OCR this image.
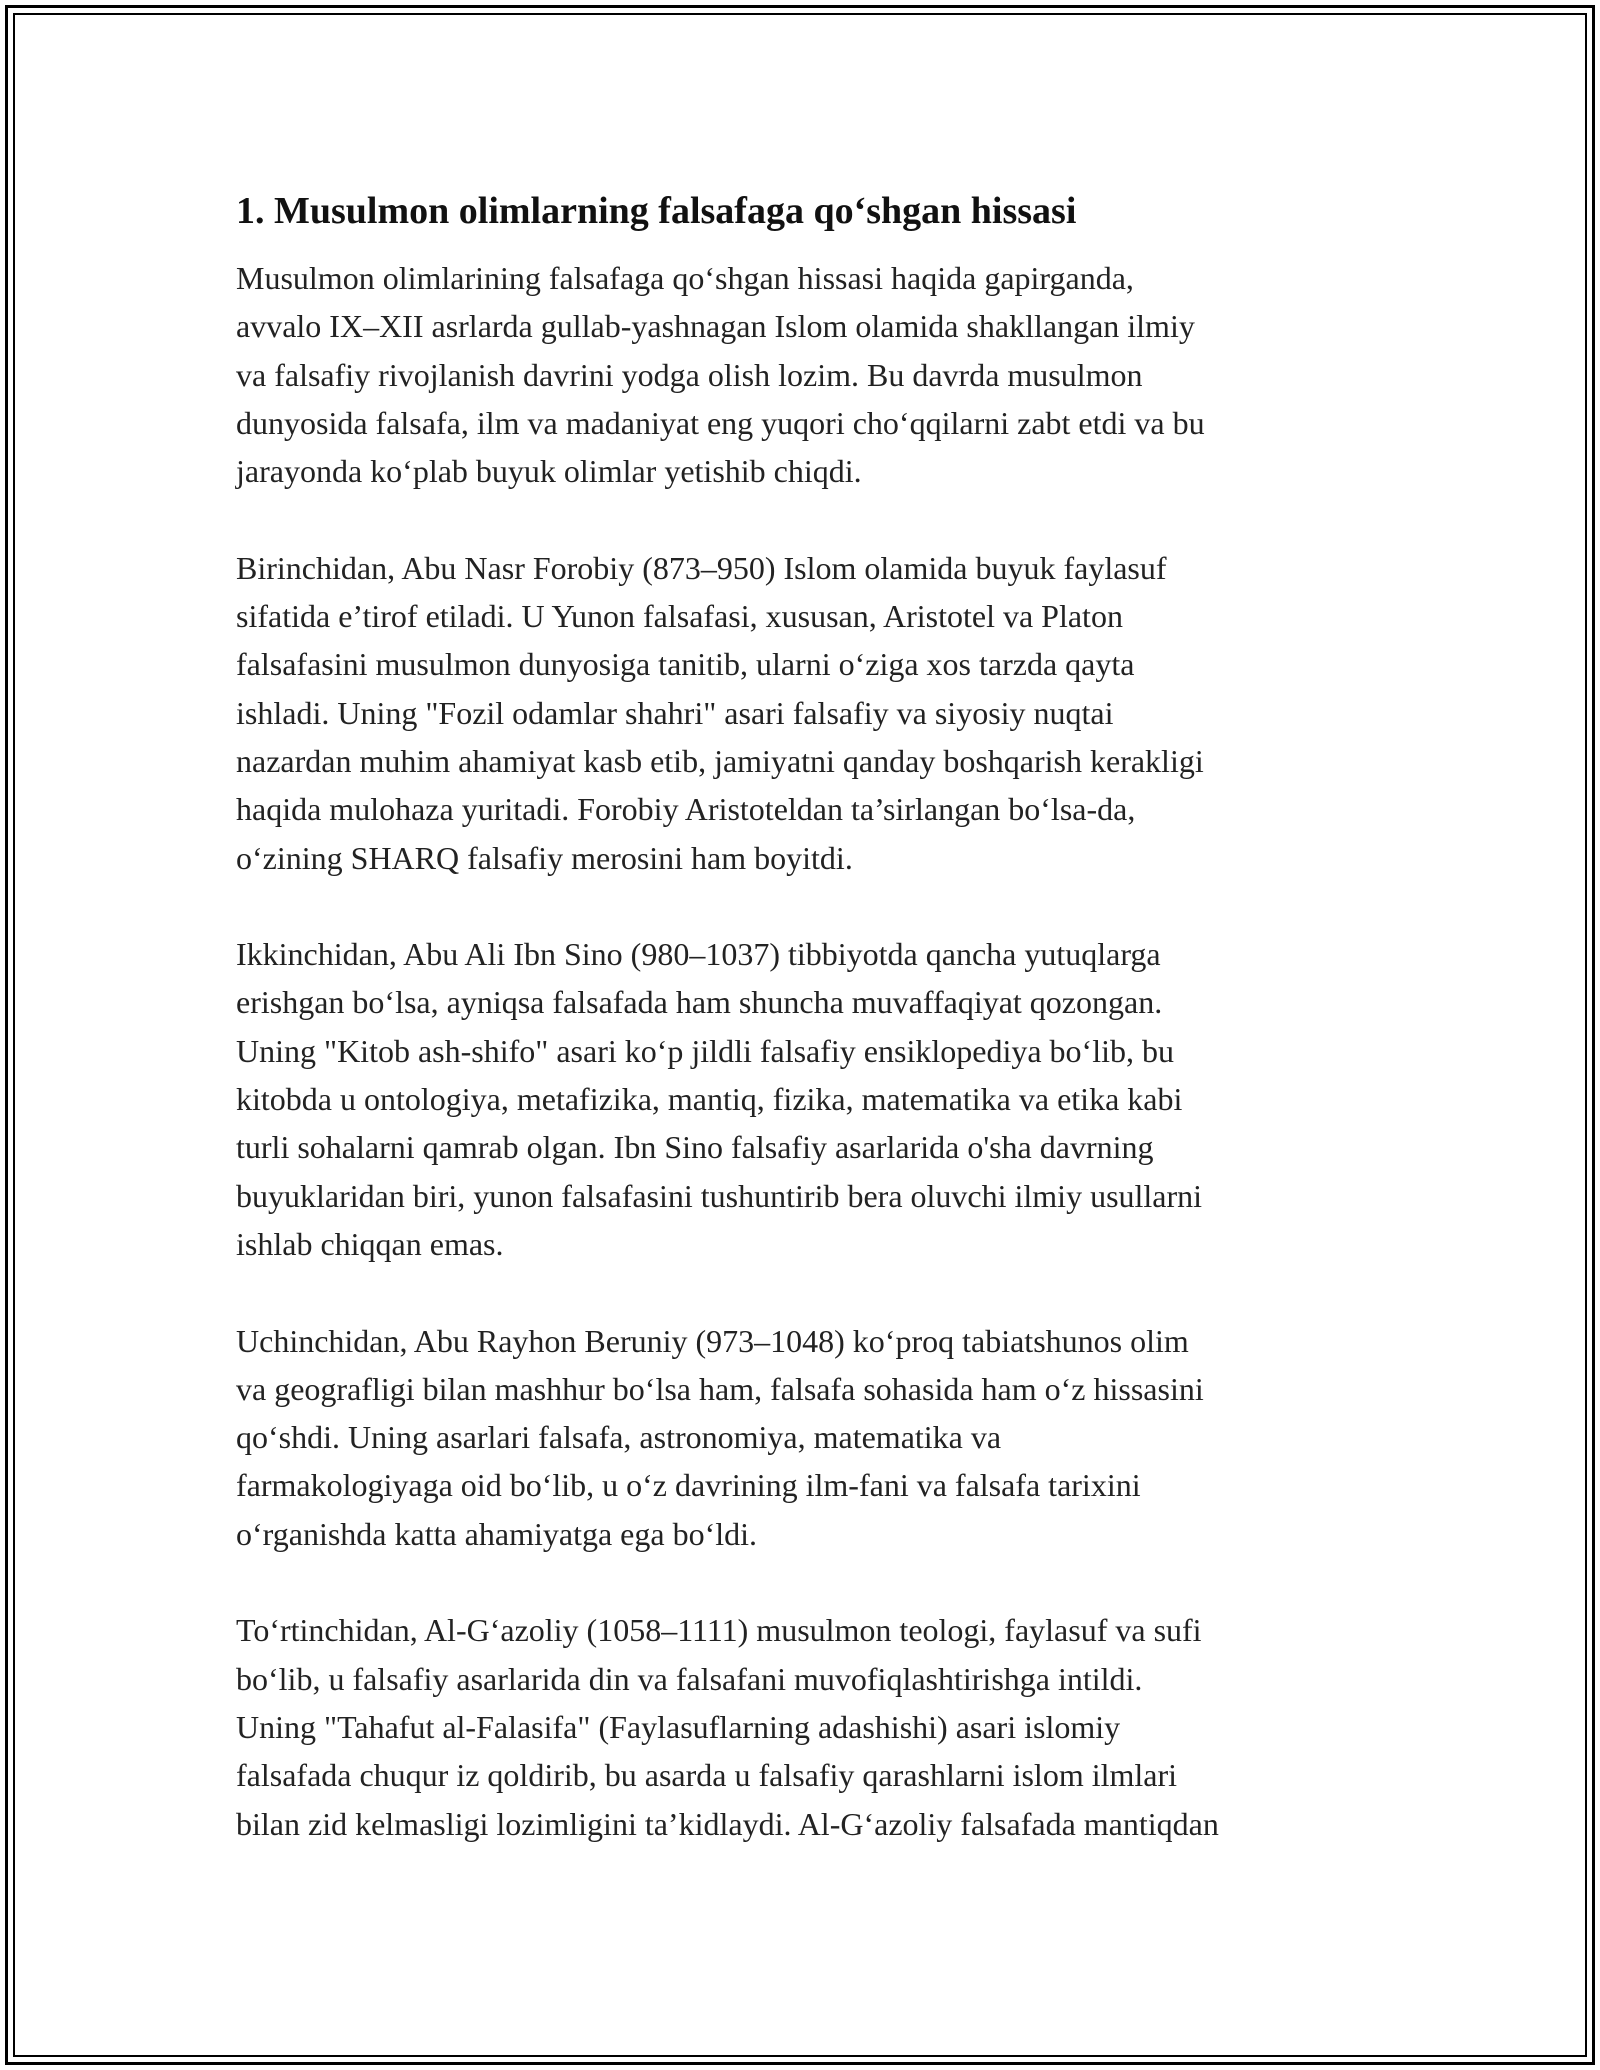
1. Musulmon olimlarning falsafaga qo‘shgan hissasi

Musulmon olimlarining falsafaga qo‘shgan hissasi haqida gapirganda,
avvalo IX–XII asrlarda gullab-yashnagan Islom olamida shakllangan ilmiy
va falsafiy rivojlanish davrini yodga olish lozim. Bu davrda musulmon
dunyosida falsafa, ilm va madaniyat eng yuqori cho‘qqilarni zabt etdi va bu
jarayonda ko‘plab buyuk olimlar yetishib chiqdi.

Birinchidan, Abu Nasr Forobiy (873–950) Islom olamida buyuk faylasuf
sifatida e’tirof etiladi. U Yunon falsafasi, xususan, Aristotel va Platon
falsafasini musulmon dunyosiga tanitib, ularni o‘ziga xos tarzda qayta
ishladi. Uning "Fozil odamlar shahri" asari falsafiy va siyosiy nuqtai
nazardan muhim ahamiyat kasb etib, jamiyatni qanday boshqarish kerakligi
haqida mulohaza yuritadi. Forobiy Aristoteldan ta’sirlangan bo‘lsa-da,
o‘zining SHARQ falsafiy merosini ham boyitdi.

Ikkinchidan, Abu Ali Ibn Sino (980–1037) tibbiyotda qancha yutuqlarga
erishgan bo‘lsa, ayniqsa falsafada ham shuncha muvaffaqiyat qozongan.
Uning "Kitob ash-shifo" asari ko‘p jildli falsafiy ensiklopediya bo‘lib, bu
kitobda u ontologiya, metafizika, mantiq, fizika, matematika va etika kabi
turli sohalarni qamrab olgan. Ibn Sino falsafiy asarlarida o'sha davrning
buyuklaridan biri, yunon falsafasini tushuntirib bera oluvchi ilmiy usullarni
ishlab chiqqan emas.

Uchinchidan, Abu Rayhon Beruniy (973–1048) ko‘proq tabiatshunos olim
va geografligi bilan mashhur bo‘lsa ham, falsafa sohasida ham o‘z hissasini
qo‘shdi. Uning asarlari falsafa, astronomiya, matematika va
farmakologiyaga oid bo‘lib, u o‘z davrining ilm-fani va falsafa tarixini
o‘rganishda katta ahamiyatga ega bo‘ldi.

To‘rtinchidan, Al-G‘azoliy (1058–1111) musulmon teologi, faylasuf va sufi
bo‘lib, u falsafiy asarlarida din va falsafani muvofiqlashtirishga intildi.
Uning "Tahafut al-Falasifa" (Faylasuflarning adashishi) asari islomiy
falsafada chuqur iz qoldirib, bu asarda u falsafiy qarashlarni islom ilmlari
bilan zid kelmasligi lozimligini ta’kidlaydi. Al-G‘azoliy falsafada mantiqdan
